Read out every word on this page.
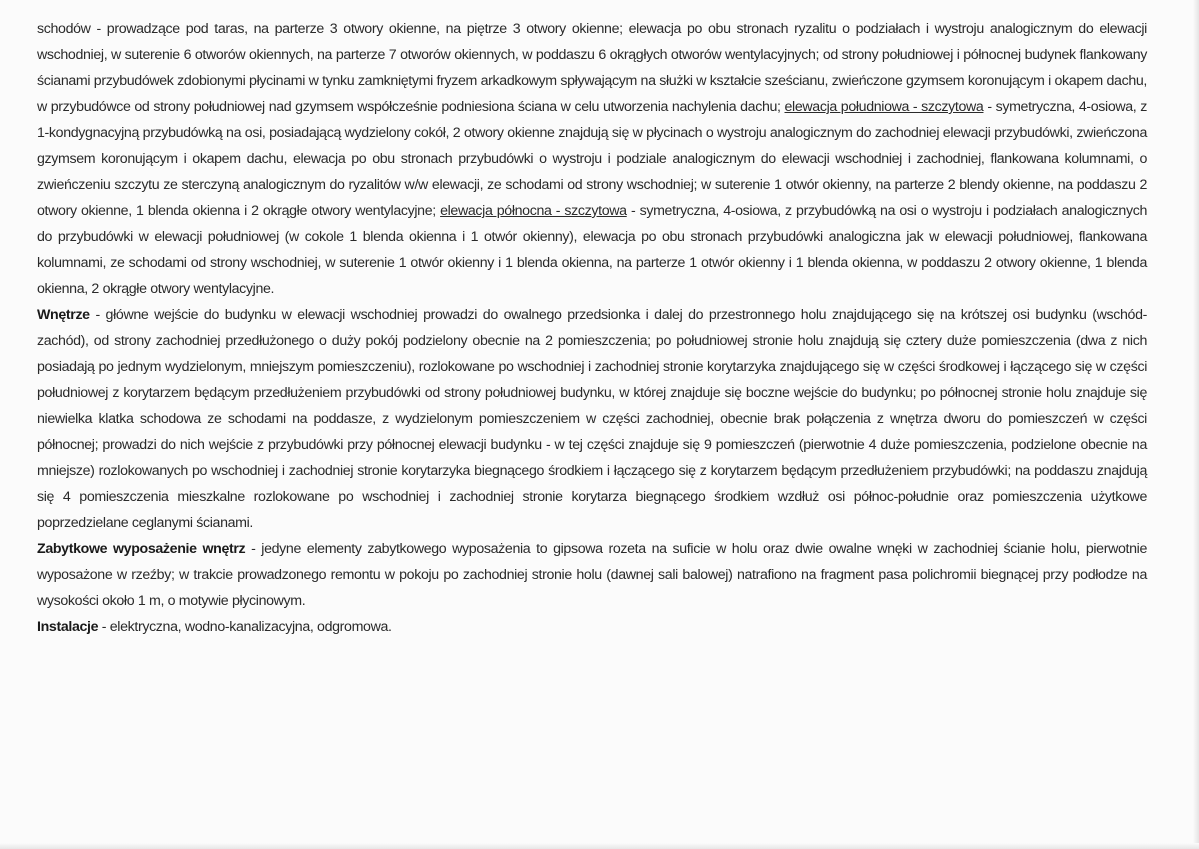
schodów - prowadzące pod taras, na parterze 3 otwory okienne, na piętrze 3 otwory okienne; elewacja po obu stronach ryzalitu o podziałach i wystroju analogicznym do elewacji wschodniej, w suterenie 6 otworów okiennych, na parterze 7 otworów okiennych, w poddaszu 6 okrągłych otworów wentylacyjnych; od strony południowej i północnej budynek flankowany ścianami przybudówek zdobionymi płycinami w tynku zamkniętymi fryzem arkadkowym spływającym na służki w kształcie sześcianu, zwieńczone gzymsem koronującym i okapem dachu, w przybudówce od strony południowej nad gzymsem współcześnie podniesiona ściana w celu utworzenia nachylenia dachu; elewacja południowa - szczytowa - symetryczna, 4-osiowa, z 1-kondygnacyjną przybudówką na osi, posiadającą wydzielony cokół, 2 otwory okienne znajdują się w płycinach o wystroju analogicznym do zachodniej elewacji przybudówki, zwieńczona gzymsem koronującym i okapem dachu, elewacja po obu stronach przybudówki o wystroju i podziale analogicznym do elewacji wschodniej i zachodniej, flankowana kolumnami, o zwieńczeniu szczytu ze sterczyną analogicznym do ryzalitów w/w elewacji, ze schodami od strony wschodniej; w suterenie 1 otwór okienny, na parterze 2 blendy okienne, na poddaszu 2 otwory okienne, 1 blenda okienna i 2 okrągłe otwory wentylacyjne; elewacja północna - szczytowa - symetryczna, 4-osiowa, z przybudówką na osi o wystroju i podziałach analogicznych do przybudówki w elewacji południowej (w cokole 1 blenda okienna i 1 otwór okienny), elewacja po obu stronach przybudówki analogiczna jak w elewacji południowej, flankowana kolumnami, ze schodami od strony wschodniej, w suterenie 1 otwór okienny i 1 blenda okienna, na parterze 1 otwór okienny i 1 blenda okienna, w poddaszu 2 otwory okienne, 1 blenda okienna, 2 okrągłe otwory wentylacyjne.

Wnętrze - główne wejście do budynku w elewacji wschodniej prowadzi do owalnego przedsionka i dalej do przestronnego holu znajdującego się na krótszej osi budynku (wschód-zachód), od strony zachodniej przedłużonego o duży pokój podzielony obecnie na 2 pomieszczenia; po południowej stronie holu znajdują się cztery duże pomieszczenia (dwa z nich posiadają po jednym wydzielonym, mniejszym pomieszczeniu), rozlokowane po wschodniej i zachodniej stronie korytarzyka znajdującego się w części środkowej i łączącego się w części południowej z korytarzem będącym przedłużeniem przybudówki od strony południowej budynku, w której znajduje się boczne wejście do budynku; po północnej stronie holu znajduje się niewielka klatka schodowa ze schodami na poddasze, z wydzielonym pomieszczeniem w części zachodniej, obecnie brak połączenia z wnętrza dworu do pomieszczeń w części północnej; prowadzi do nich wejście z przybudówki przy północnej elewacji budynku - w tej części znajduje się 9 pomieszczeń (pierwotnie 4 duże pomieszczenia, podzielone obecnie na mniejsze) rozlokowanych po wschodniej i zachodniej stronie korytarzyka biegnącego środkiem i łączącego się z korytarzem będącym przedłużeniem przybudówki; na poddaszu znajdują się 4 pomieszczenia mieszkalne rozlokowane po wschodniej i zachodniej stronie korytarza biegnącego środkiem wzdłuż osi północ-południe oraz pomieszczenia użytkowe poprzedzielane ceglanymi ścianami.

Zabytkowe wyposażenie wnętrz - jedyne elementy zabytkowego wyposażenia to gipsowa rozeta na suficie w holu oraz dwie owalne wnęki w zachodniej ścianie holu, pierwotnie wyposażone w rzeźby; w trakcie prowadzonego remontu w pokoju po zachodniej stronie holu (dawnej sali balowej) natrafiono na fragment pasa polichromii biegnącej przy podłodze na wysokości około 1 m, o motywie płycinowym.

Instalacje - elektryczna, wodno-kanalizacyjna, odgromowa.
